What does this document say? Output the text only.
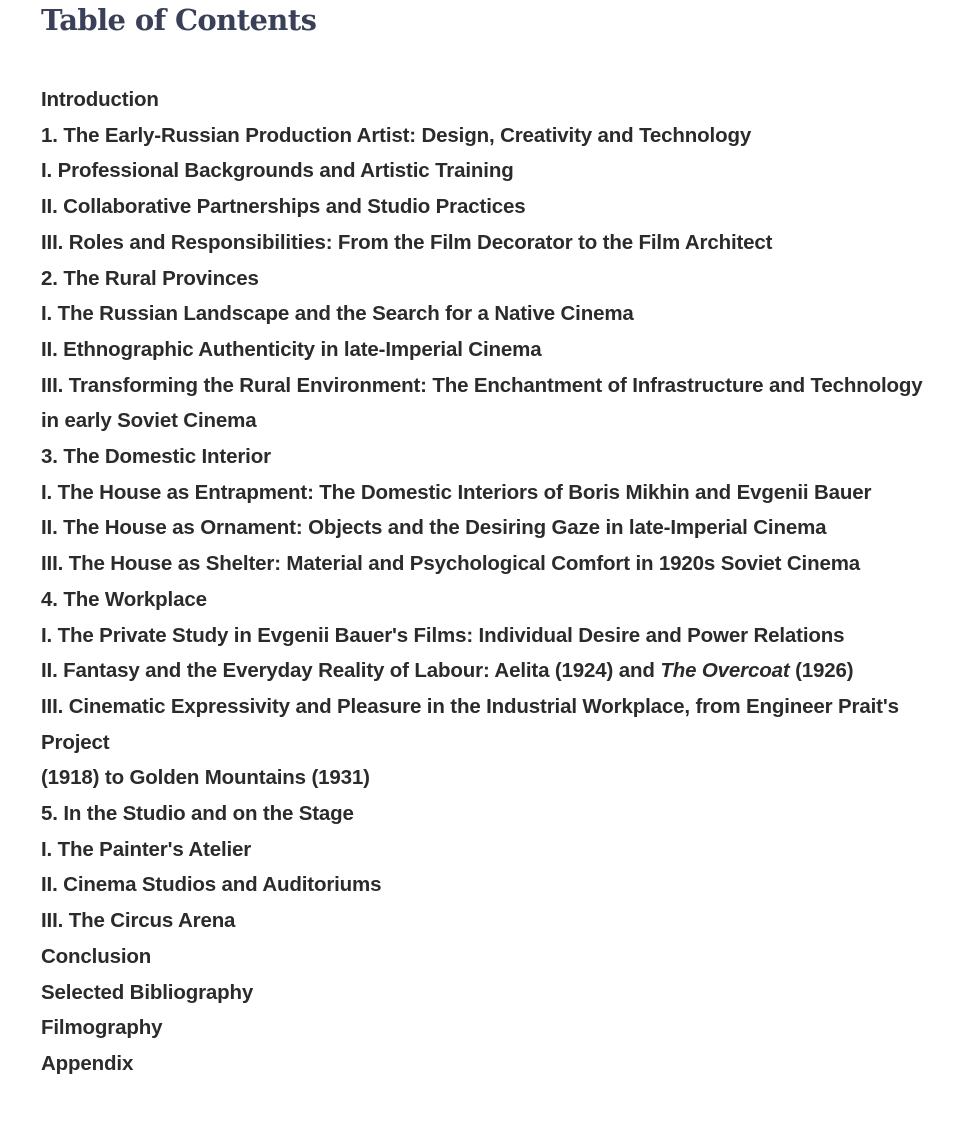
Table of Contents
Introduction
1. The Early-Russian Production Artist: Design, Creativity and Technology
I. Professional Backgrounds and Artistic Training
II. Collaborative Partnerships and Studio Practices
III. Roles and Responsibilities: From the Film Decorator to the Film Architect
2. The Rural Provinces
I. The Russian Landscape and the Search for a Native Cinema
II. Ethnographic Authenticity in late-Imperial Cinema
III. Transforming the Rural Environment: The Enchantment of Infrastructure and Technology in early Soviet Cinema
3. The Domestic Interior
I. The House as Entrapment: The Domestic Interiors of Boris Mikhin and Evgenii Bauer
II. The House as Ornament: Objects and the Desiring Gaze in late-Imperial Cinema
III. The House as Shelter: Material and Psychological Comfort in 1920s Soviet Cinema
4. The Workplace
I. The Private Study in Evgenii Bauer's Films: Individual Desire and Power Relations
II. Fantasy and the Everyday Reality of Labour: Aelita (1924) and The Overcoat (1926)
III. Cinematic Expressivity and Pleasure in the Industrial Workplace, from Engineer Prait's Project
(1918) to Golden Mountains (1931)
5. In the Studio and on the Stage
I. The Painter's Atelier
II. Cinema Studios and Auditoriums
III. The Circus Arena
Conclusion
Selected Bibliography
Filmography
Appendix
